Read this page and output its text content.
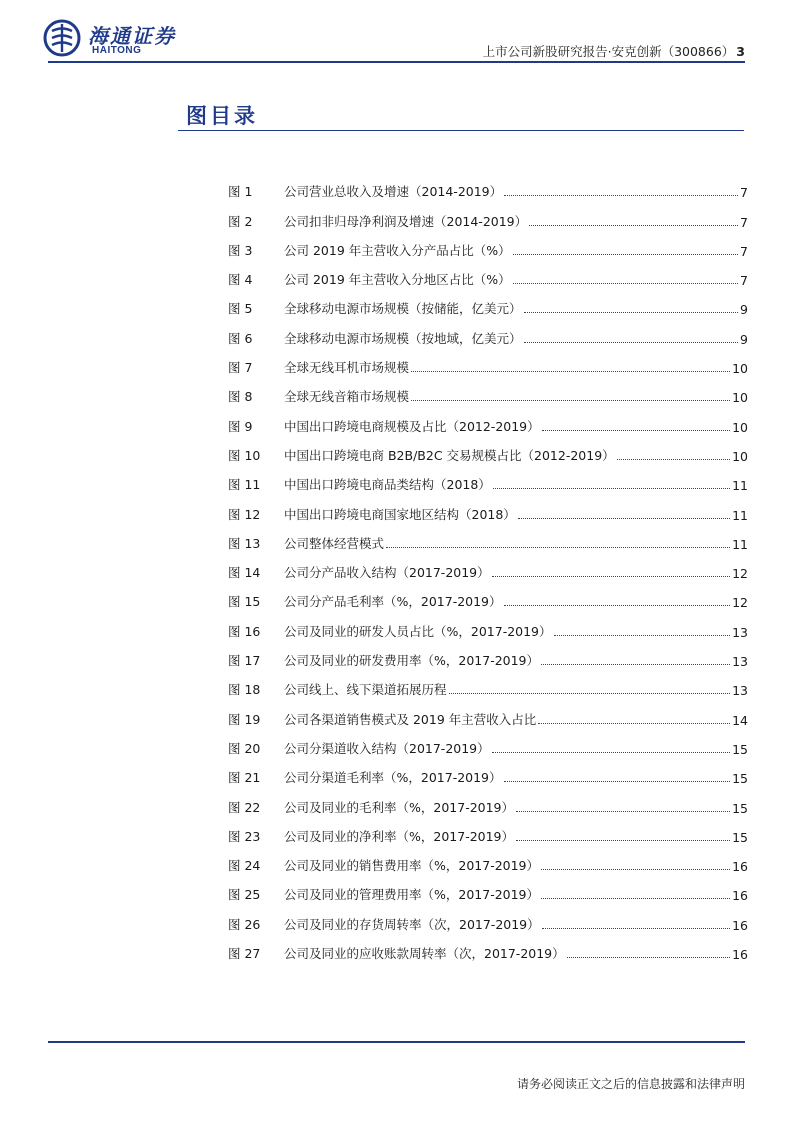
海通证券
HAITONG	上市公司新股研究报告·安克创新（300866） 3
图目录
图 1	公司营业总收入及增速（2014-2019）	7
图 2	公司扣非归母净利润及增速（2014-2019）	7
图 3	公司 2019 年主营收入分产品占比（%）	7
图 4	公司 2019 年主营收入分地区占比（%）	7
图 5	全球移动电源市场规模（按储能，亿美元）	9
图 6	全球移动电源市场规模（按地域，亿美元）	9
图 7	全球无线耳机市场规模	10
图 8	全球无线音箱市场规模	10
图 9	中国出口跨境电商规模及占比（2012-2019）	10
图 10	中国出口跨境电商 B2B/B2C 交易规模占比（2012-2019）	10
图 11	中国出口跨境电商品类结构（2018）	11
图 12	中国出口跨境电商国家地区结构（2018）	11
图 13	公司整体经营模式	11
图 14	公司分产品收入结构（2017-2019）	12
图 15	公司分产品毛利率（%，2017-2019）	12
图 16	公司及同业的研发人员占比（%，2017-2019）	13
图 17	公司及同业的研发费用率（%，2017-2019）	13
图 18	公司线上、线下渠道拓展历程	13
图 19	公司各渠道销售模式及 2019 年主营收入占比	14
图 20	公司分渠道收入结构（2017-2019）	15
图 21	公司分渠道毛利率（%，2017-2019）	15
图 22	公司及同业的毛利率（%，2017-2019）	15
图 23	公司及同业的净利率（%，2017-2019）	15
图 24	公司及同业的销售费用率（%，2017-2019）	16
图 25	公司及同业的管理费用率（%，2017-2019）	16
图 26	公司及同业的存货周转率（次，2017-2019）	16
图 27	公司及同业的应收账款周转率（次，2017-2019）	16
请务必阅读正文之后的信息披露和法律声明
